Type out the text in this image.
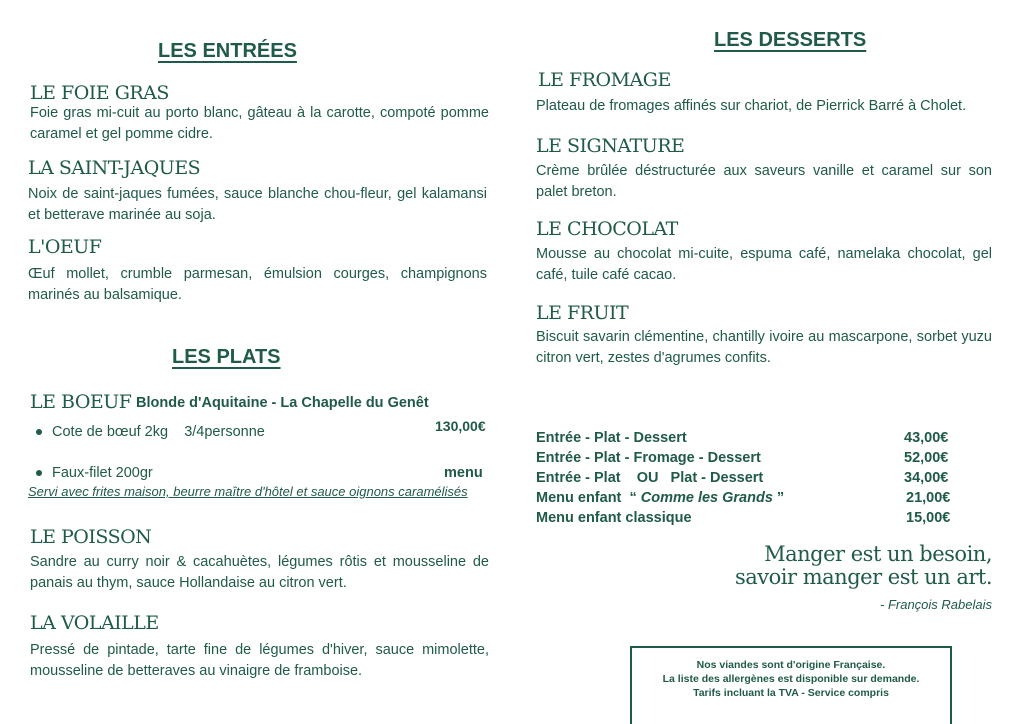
LES ENTRÉES
LE FOIE GRAS
Foie gras mi-cuit au porto blanc, gâteau à la carotte, compoté pomme caramel et gel pomme cidre.
LA SAINT-JAQUES
Noix de saint-jaques fumées, sauce blanche chou-fleur, gel kalamansi et betterave marinée au soja.
L'OEUF
Œuf mollet, crumble parmesan, émulsion courges, champignons marinés au balsamique.
LES PLATS
LE BOEUF Blonde d'Aquitaine - La Chapelle du Genêt
Cote de bœuf 2kg 3/4personne	130,00€
Faux-filet 200gr	menu
Servi avec frites maison, beurre maître d'hôtel et sauce oignons caramélisés
LE POISSON
Sandre au curry noir & cacahuètes, légumes rôtis et mousseline de panais au thym, sauce Hollandaise au citron vert.
LA VOLAILLE
Pressé de pintade, tarte fine de légumes d'hiver, sauce mimolette, mousseline de betteraves au vinaigre de framboise.
LES DESSERTS
LE FROMAGE
Plateau de fromages affinés sur chariot, de Pierrick Barré à Cholet.
LE SIGNATURE
Crème brûlée déstructurée aux saveurs vanille et caramel sur son palet breton.
LE CHOCOLAT
Mousse au chocolat mi-cuite, espuma café, namelaka chocolat, gel café, tuile café cacao.
LE FRUIT
Biscuit savarin clémentine, chantilly ivoire au mascarpone, sorbet yuzu citron vert, zestes d'agrumes confits.
Entrée - Plat - Dessert	43,00€
Entrée - Plat - Fromage - Dessert	52,00€
Entrée - Plat    OU   Plat - Dessert	34,00€
Menu enfant  “ Comme les Grands ”	21,00€
Menu enfant classique	15,00€
Manger est un besoin,
savoir manger est un art.
- François Rabelais
Nos viandes sont d'origine Française.
La liste des allergènes est disponible sur demande.
Tarifs incluant la TVA - Service compris
